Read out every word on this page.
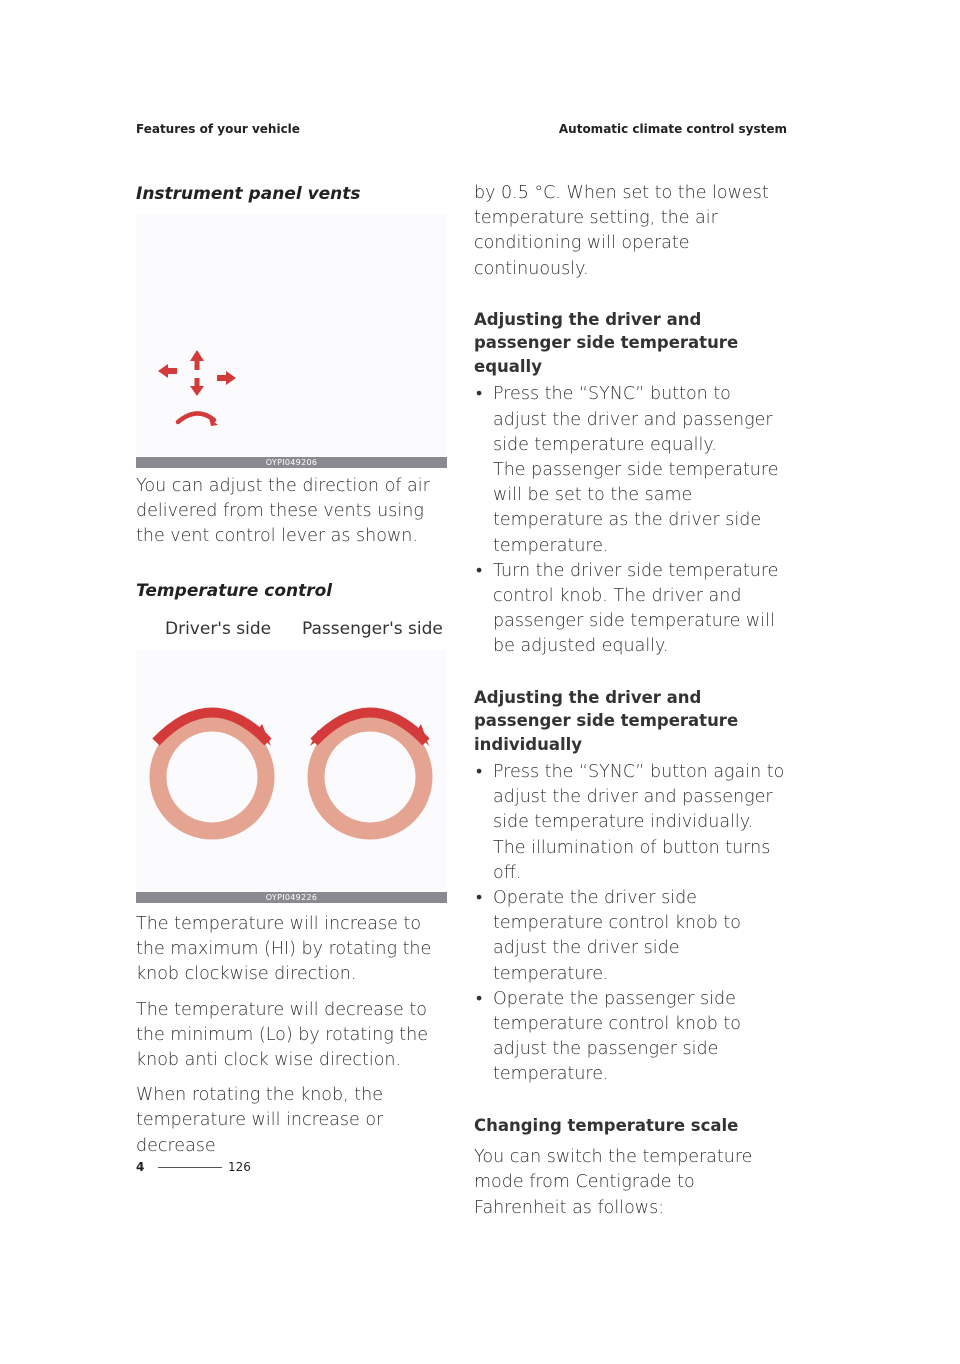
Features of your vehicle	Automatic climate control system
Instrument panel vents
OYPI049206

You can adjust the direction of air delivered from these vents using the vent control lever as shown.

Temperature control
Driver's side Passenger's side
OYPI049226

The temperature will increase to the maximum (HI) by rotating the knob clockwise direction.

The temperature will decrease to the minimum (Lo) by rotating the knob anti clock wise direction.

When rotating the knob, the temperature will increase or decrease

by 0.5 °C. When set to the lowest temperature setting, the air conditioning will operate continuously.

Adjusting the driver and passenger side temperature equally
• Press the “SYNC” button to adjust the driver and passenger side temperature equally.
The passenger side temperature will be set to the same temperature as the driver side temperature.
• Turn the driver side temperature control knob. The driver and passenger side temperature will be adjusted equally.
Adjusting the driver and passenger side temperature individually
• Press the “SYNC” button again to adjust the driver and passenger side temperature individually. The illumination of button turns off.
• Operate the driver side temperature control knob to adjust the driver side temperature.
• Operate the passenger side temperature control knob to adjust the passenger side temperature.
Changing temperature scale

You can switch the temperature mode from Centigrade to Fahrenheit as follows:

4	126
